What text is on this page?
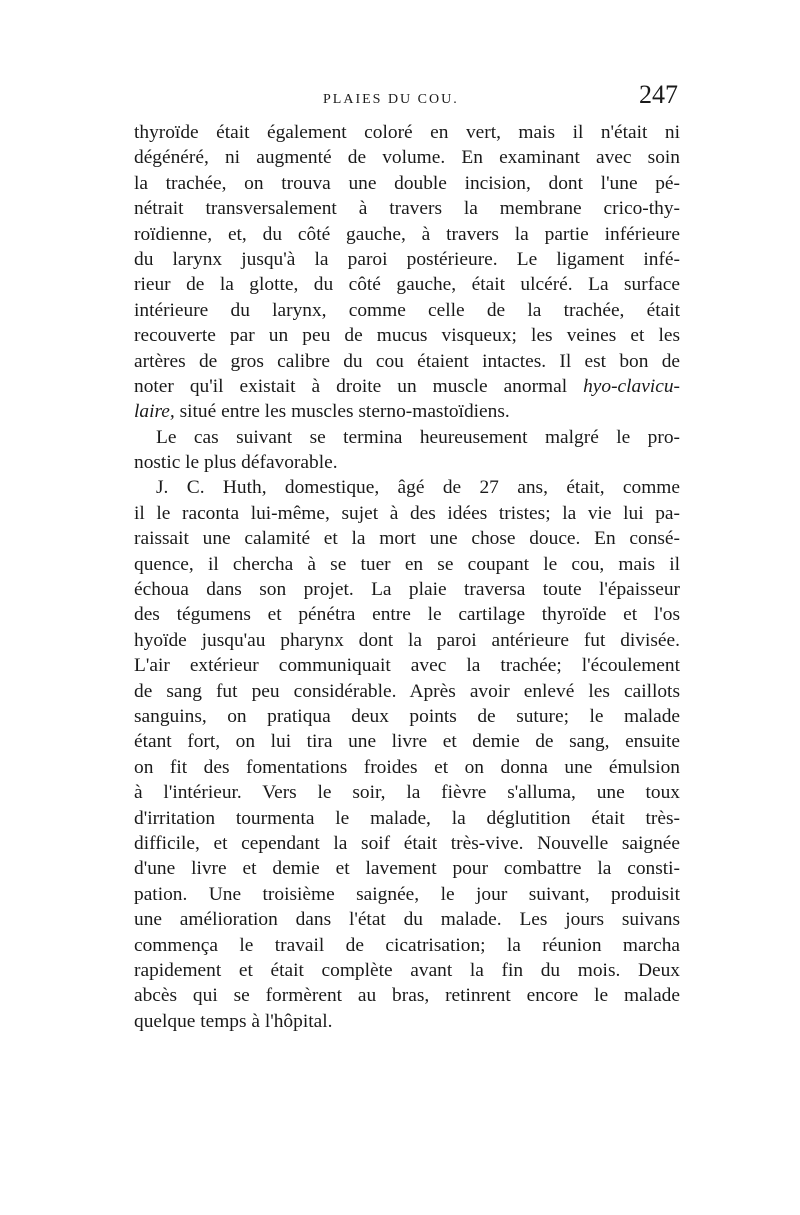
PLAIES DU COU.	247
thyroïde était également coloré en vert, mais il n'était ni
dégénéré, ni augmenté de volume. En examinant avec soin
la trachée, on trouva une double incision, dont l'une pé-
nétrait transversalement à travers la membrane crico-thy-
roïdienne, et, du côté gauche, à travers la partie inférieure
du larynx jusqu'à la paroi postérieure. Le ligament infé-
rieur de la glotte, du côté gauche, était ulcéré. La surface
intérieure du larynx, comme celle de la trachée, était
recouverte par un peu de mucus visqueux; les veines et les
artères de gros calibre du cou étaient intactes. Il est bon de
noter qu'il existait à droite un muscle anormal hyo-clavicu-
laire, situé entre les muscles sterno-mastoïdiens.
Le cas suivant se termina heureusement malgré le pro-
nostic le plus défavorable.
J. C. Huth, domestique, âgé de 27 ans, était, comme
il le raconta lui-même, sujet à des idées tristes; la vie lui pa-
raissait une calamité et la mort une chose douce. En consé-
quence, il chercha à se tuer en se coupant le cou, mais il
échoua dans son projet. La plaie traversa toute l'épaisseur
des tégumens et pénétra entre le cartilage thyroïde et l'os
hyoïde jusqu'au pharynx dont la paroi antérieure fut divisée.
L'air extérieur communiquait avec la trachée; l'écoulement
de sang fut peu considérable. Après avoir enlevé les caillots
sanguins, on pratiqua deux points de suture; le malade
étant fort, on lui tira une livre et demie de sang, ensuite
on fit des fomentations froides et on donna une émulsion
à l'intérieur. Vers le soir, la fièvre s'alluma, une toux
d'irritation tourmenta le malade, la déglutition était très-
difficile, et cependant la soif était très-vive. Nouvelle saignée
d'une livre et demie et lavement pour combattre la consti-
pation. Une troisième saignée, le jour suivant, produisit
une amélioration dans l'état du malade. Les jours suivans
commença le travail de cicatrisation; la réunion marcha
rapidement et était complète avant la fin du mois. Deux
abcès qui se formèrent au bras, retinrent encore le malade
quelque temps à l'hôpital.
